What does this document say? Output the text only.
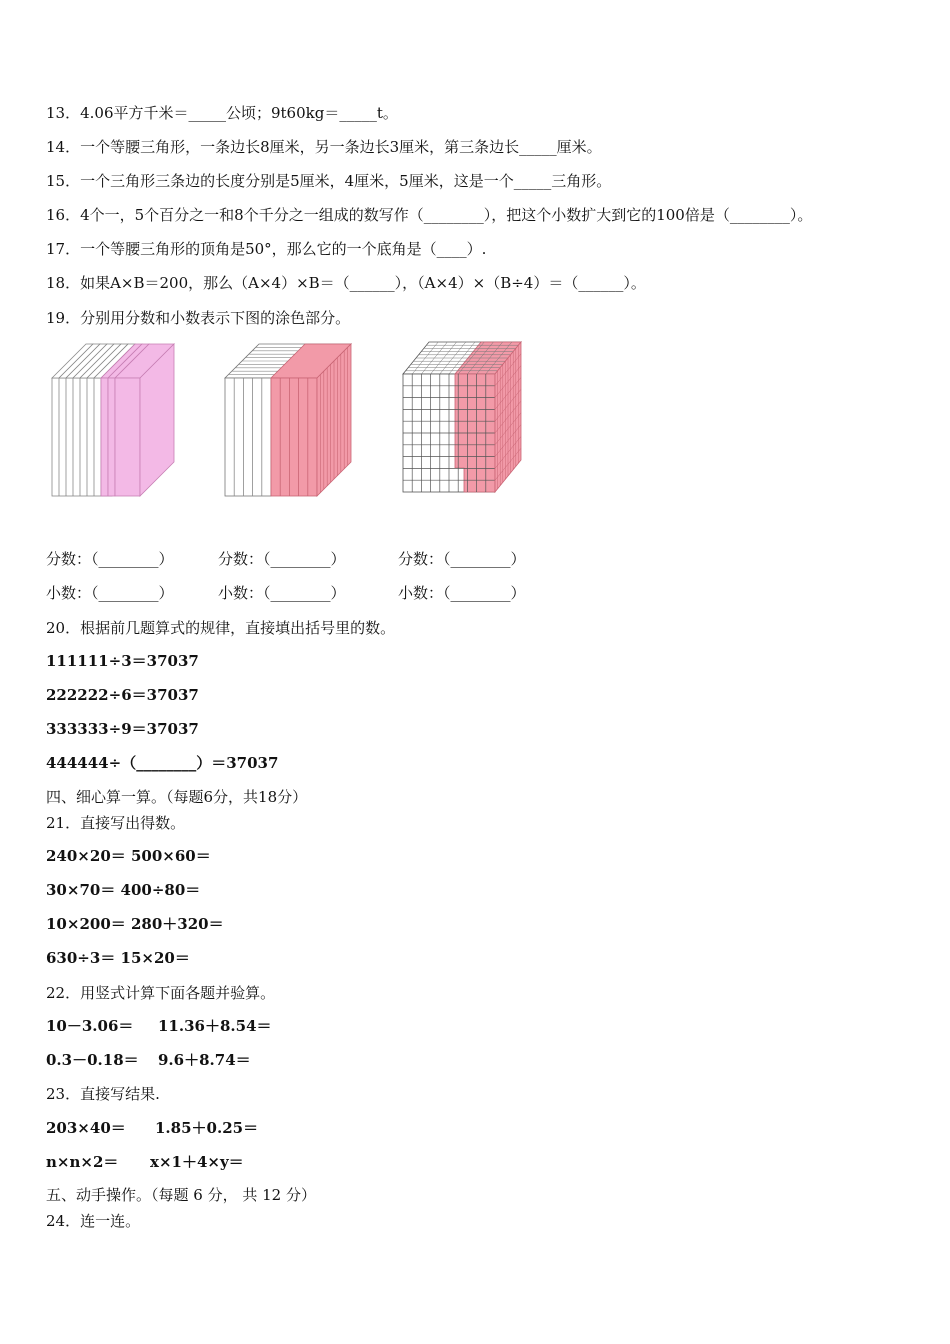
13．4.06平方千米＝_____公顷；9t60kg＝_____t。
14．一个等腰三角形，一条边长8厘米，另一条边长3厘米，第三条边长_____厘米。
15．一个三角形三条边的长度分别是5厘米，4厘米，5厘米，这是一个_____三角形。
16．4个一，5个百分之一和8个千分之一组成的数写作（________），把这个小数扩大到它的100倍是（________）。
17．一个等腰三角形的顶角是50°，那么它的一个底角是（____）.
18．如果A×B＝200，那么（A×4）×B＝（______），（A×4）×（B÷4）＝（______）。
19．分别用分数和小数表示下图的涂色部分。
分数：（________）	分数：（________）	分数：（________）
小数：（________）	小数：（________）	小数：（________）
20．根据前几题算式的规律，直接填出括号里的数。
111111÷3＝37037
222222÷6＝37037
333333÷9＝37037
444444÷（________）＝37037
四、细心算一算。（每题6分，共18分）
21．直接写出得数。
240×20＝ 500×60＝
30×70＝ 400÷80＝
10×200＝ 280＋320＝
630÷3＝ 15×20＝
22．用竖式计算下面各题并验算。
10－3.06＝ 11.36＋8.54＝
0.3－0.18＝ 9.6＋8.74＝
23．直接写结果.
203×40＝ 1.85＋0.25＝
n×n×2＝ x×1＋4×y＝
五、动手操作。（每题 6 分， 共 12 分）
24．连一连。
